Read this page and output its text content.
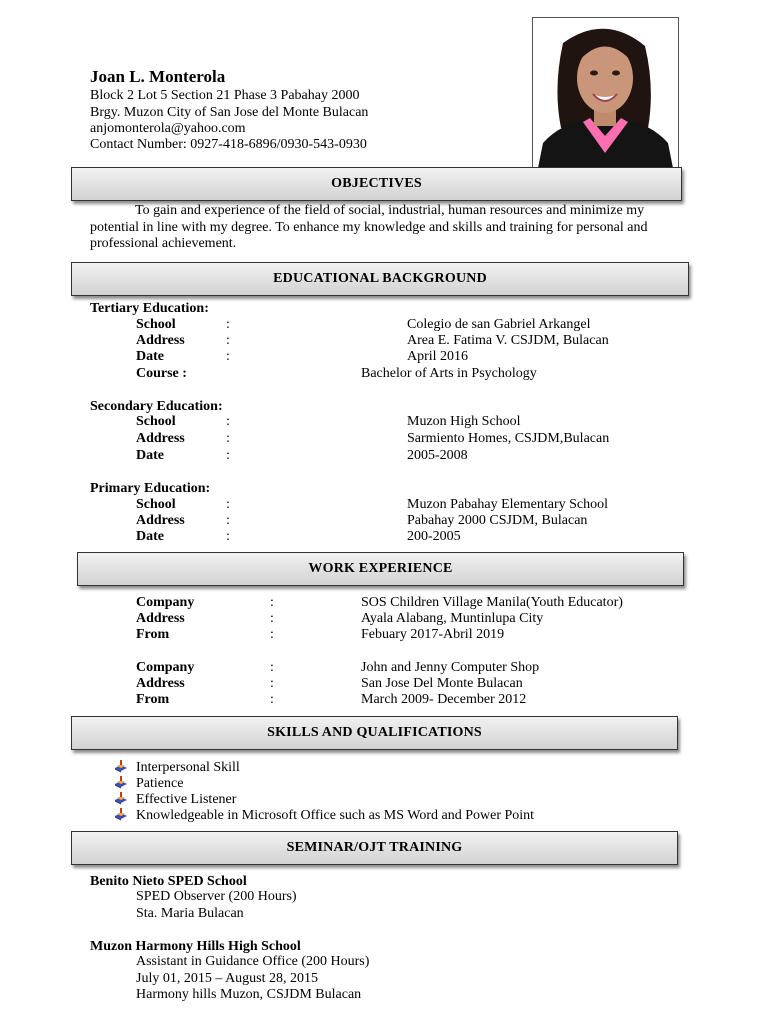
Joan L. Monterola
Block 2 Lot 5 Section 21 Phase 3 Pabahay 2000
Brgy. Muzon City of San Jose del Monte Bulacan
anjomonterola@yahoo.com
Contact Number: 0927-418-6896/0930-543-0930
OBJECTIVES
To gain and experience of the field of social, industrial, human resources and minimize my potential in line with my degree. To enhance my knowledge and skills and training for personal and professional achievement.
EDUCATIONAL BACKGROUND
Tertiary Education:
School	:	Colegio de san Gabriel Arkangel
Address	:	Area E. Fatima V. CSJDM, Bulacan
Date	:	April 2016
Course :	Bachelor of Arts in Psychology
Secondary Education:
School	:	Muzon High School
Address	:	Sarmiento Homes, CSJDM,Bulacan
Date	:	2005-2008
Primary Education:
School	:	Muzon Pabahay Elementary School
Address	:	Pabahay 2000 CSJDM, Bulacan
Date	:	200-2005
WORK EXPERIENCE
Company	:	SOS Children Village Manila(Youth Educator)
Address	:	Ayala Alabang, Muntinlupa City
From	:	Febuary 2017-Abril 2019
Company	:	John and Jenny Computer Shop
Address	:	San Jose Del Monte Bulacan
From	:	March 2009- December 2012
SKILLS AND QUALIFICATIONS
Interpersonal Skill
Patience
Effective Listener
Knowledgeable in Microsoft Office such as MS Word and Power Point
SEMINAR/OJT TRAINING
Benito Nieto SPED School
SPED Observer (200 Hours)
Sta. Maria Bulacan
Muzon Harmony Hills High School
Assistant in Guidance Office (200 Hours)
July 01, 2015 – August 28, 2015
Harmony hills Muzon, CSJDM Bulacan
